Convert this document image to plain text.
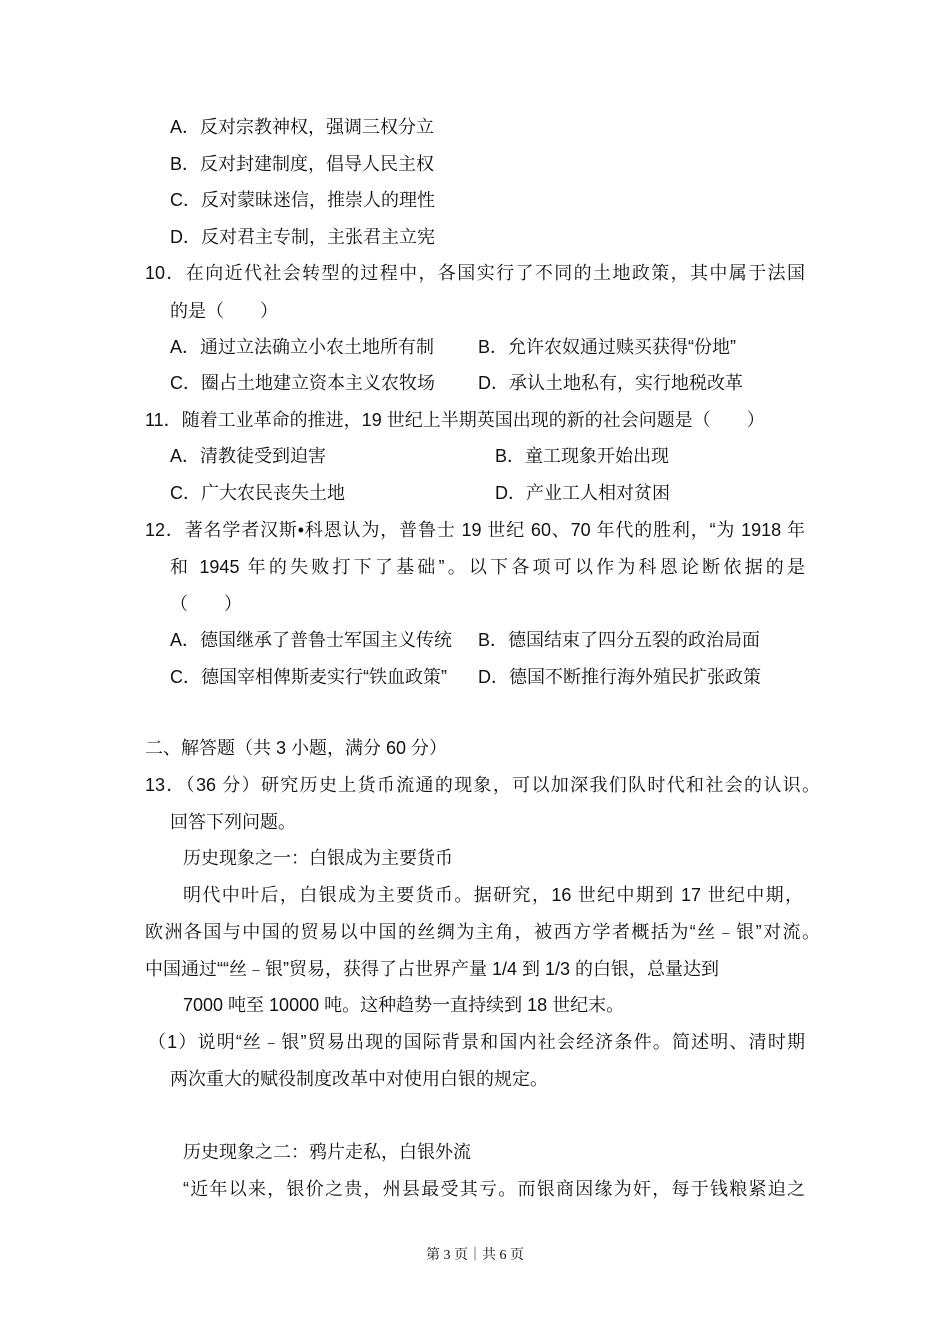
A．反对宗教神权，强调三权分立
B．反对封建制度，倡导人民主权
C．反对蒙昧迷信，推崇人的理性
D．反对君主专制，主张君主立宪
10．在向近代社会转型的过程中，各国实行了不同的土地政策，其中属于法国
的是（　　）
A．通过立法确立小农土地所有制 B．允许农奴通过赎买获得“份地”
C．圈占土地建立资本主义农牧场 D．承认土地私有，实行地税改革
11．随着工业革命的推进，19 世纪上半期英国出现的新的社会问题是（　　）
A．清教徒受到迫害	B．童工现象开始出现
C．广大农民丧失土地	D．产业工人相对贫困
12．著名学者汉斯•科恩认为，普鲁士 19 世纪 60、70 年代的胜利，“为 1918 年
和 1945 年的失败打下了基础”。以下各项可以作为科恩论断依据的是
（　　）
A．德国继承了普鲁士军国主义传统 B．德国结束了四分五裂的政治局面
C．德国宰相俾斯麦实行“铁血政策” D．德国不断推行海外殖民扩张政策
二、解答题（共 3 小题，满分 60 分）
13．（36 分）研究历史上货币流通的现象，可以加深我们队时代和社会的认识。
回答下列问题。
历史现象之一：白银成为主要货币
明代中叶后，白银成为主要货币。据研究，16 世纪中期到 17 世纪中期，
欧洲各国与中国的贸易以中国的丝绸为主角，被西方学者概括为“丝﹣银”对流。
中国通过““丝﹣银”贸易，获得了占世界产量 1/4 到 1/3 的白银，总量达到
7000 吨至 10000 吨。这种趋势一直持续到 18 世纪末。
（1）说明“丝﹣银”贸易出现的国际背景和国内社会经济条件。简述明、清时期
两次重大的赋役制度改革中对使用白银的规定。
历史现象之二：鸦片走私，白银外流
“近年以来，银价之贵，州县最受其亏。而银商因缘为奸，每于钱粮紧迫之
第 3 页｜共 6 页
